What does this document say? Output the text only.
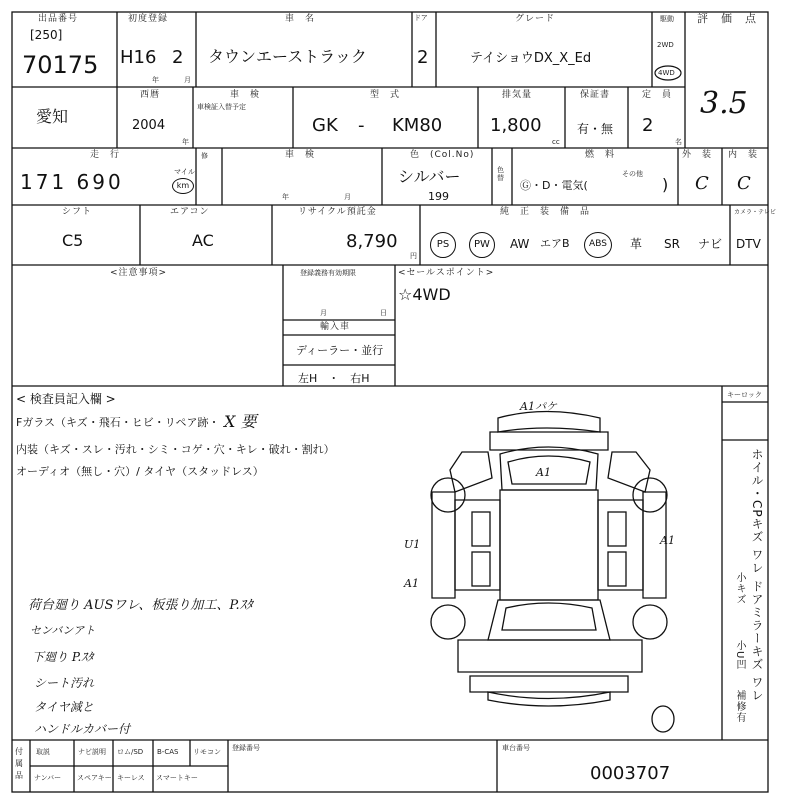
出品番号
[250]
70175
初度登録
H16 2
年	月
車　名
タウンエーストラック
ドア
2
グレード
テイショウDX_X_Ed
駆動
2WD
4WD
評　価　点
3.5
愛知
西暦
2004
年
車　検
車検証入替予定
型　式
GK - KM80
排気量
1,800
cc
保証書
有・無
定　員
2
名
走　行
171 690	マイル
km
修	車　検
年	月
色　(Col.No)
シルバー
199
色替
燃　料
Ⓖ・D・電気(
その他
)
外　装
C
内　装
C
シフト
C5
エアコン
AC
リサイクル預託金
8,790
円
純　正　装　備　品	カメラ・テレビ
PS	PW	AW エアB	ABS	革 SR ナビ DTV
<注意事項>	登録義務有効期限
月	日
輸入車
ディーラー・並行
左H　・　右H
<セールスポイント>
☆4WD
< 検査員記入欄 >
Fガラス（キズ・飛石・ヒビ・リペア跡・ X 要
内装（キズ・スレ・汚れ・シミ・コゲ・穴・キレ・破れ・割れ）
オーディオ（無し・穴）/ タイヤ（スタッドレス）
荷台廻り AUSワレ、板張り加工、P.ｽﾀ
センバンアト
下廻り P.ｽﾀ
シート汚れ
タイヤ減と
ハンドルカバー付
A1パケ
A1
A1
U1
A1
キーロック
ホイル・CPキズ ワレ
ドアミラーキズ ワレ
小キズ
小U凹
補修有
付属品
取説	ナビ説明 ロム/SD B-CAS リモコン
ナンバー スペアキー キーレス スマートキー
登録番号	車台番号
0003707
